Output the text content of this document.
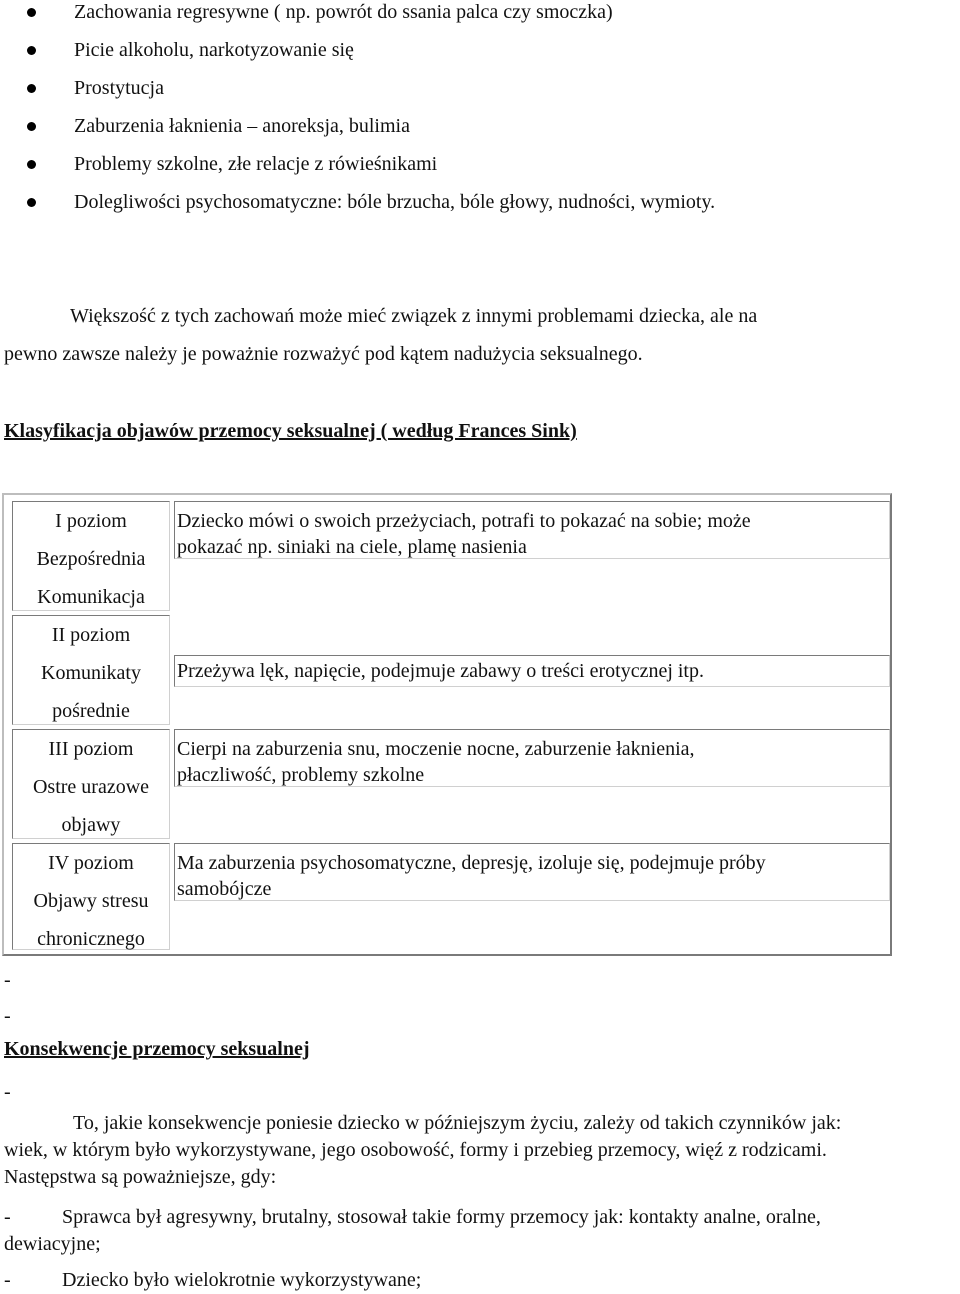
Zachowania regresywne ( np. powrót do ssania palca czy smoczka)
Picie alkoholu, narkotyzowanie się
Prostytucja
Zaburzenia łaknienia – anoreksja, bulimia
Problemy szkolne, złe relacje z rówieśnikami
Dolegliwości psychosomatyczne: bóle brzucha, bóle głowy, nudności, wymioty.
Większość z tych zachowań może mieć związek z innymi problemami dziecka, ale na
pewno zawsze należy je poważnie rozważyć pod kątem nadużycia seksualnego.
Klasyfikacja objawów przemocy seksualnej ( według Frances Sink)
I poziom
Bezpośrednia
Komunikacja
Dziecko mówi o swoich przeżyciach, potrafi to pokazać na sobie; może
pokazać np. siniaki na ciele, plamę nasienia
II poziom
Komunikaty
pośrednie
Przeżywa lęk, napięcie, podejmuje zabawy o treści erotycznej itp.
III poziom
Ostre urazowe
objawy
Cierpi na zaburzenia snu, moczenie nocne, zaburzenie łaknienia,
płaczliwość, problemy szkolne
IV poziom
Objawy stresu
chronicznego
Ma zaburzenia psychosomatyczne, depresję, izoluje się, podejmuje próby
samobójcze
-
-
Konsekwencje przemocy seksualnej
-
To, jakie konsekwencje poniesie dziecko w późniejszym życiu, zależy od takich czynników jak:
wiek, w którym było wykorzystywane, jego osobowość, formy i przebieg przemocy, więź z rodzicami.
Następstwa są poważniejsze, gdy:
-	Sprawca był agresywny, brutalny, stosował takie formy przemocy jak: kontakty analne, oralne,
dewiacyjne;
-	Dziecko było wielokrotnie wykorzystywane;
